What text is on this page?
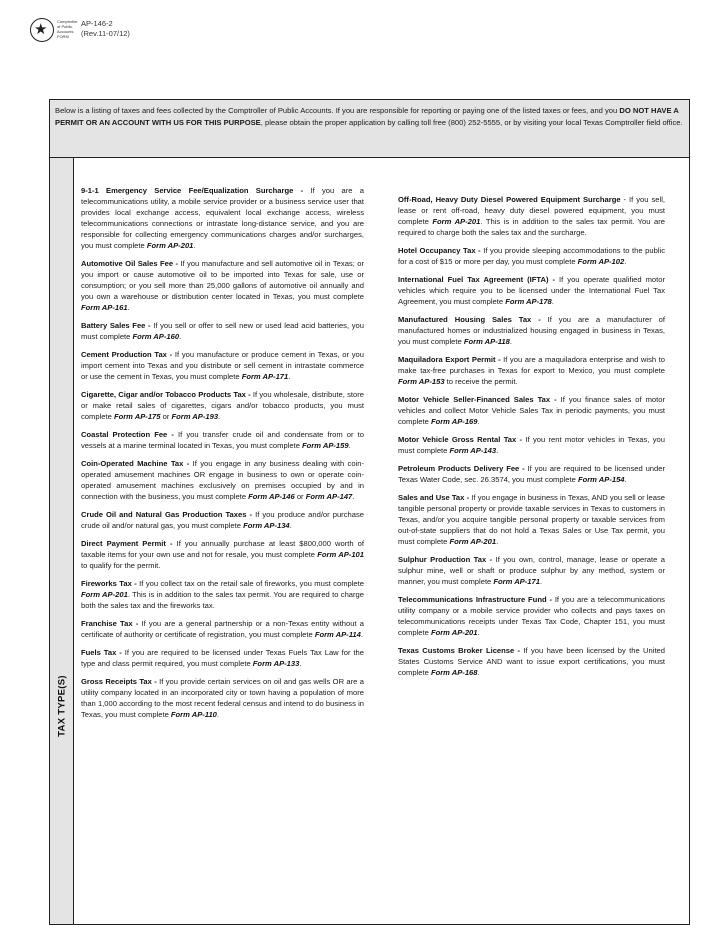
★ Comptroller of Public Accounts FORM
AP-146-2
(Rev.11-07/12)
Below is a listing of taxes and fees collected by the Comptroller of Public Accounts. If you are responsible for reporting or paying one of the listed taxes or fees, and you DO NOT HAVE A PERMIT OR AN ACCOUNT WITH US FOR THIS PURPOSE, please obtain the proper application by calling toll free (800) 252-5555, or by visiting your local Texas Comptroller field office.
TAX TYPE(S)
9-1-1 Emergency Service Fee/Equalization Surcharge - If you are a telecommunications utility, a mobile service provider or a business service user that provides local exchange access, equivalent local exchange access, wireless telecommunications connections or intrastate long-distance service, and you are responsible for collecting emergency communications charges and/or surcharges, you must complete Form AP-201.
Automotive Oil Sales Fee - If you manufacture and sell automotive oil in Texas; or you import or cause automotive oil to be imported into Texas for sale, use or consumption; or you sell more than 25,000 gallons of automotive oil annually and you own a warehouse or distribution center located in Texas, you must complete Form AP-161.
Battery Sales Fee - If you sell or offer to sell new or used lead acid batteries, you must complete Form AP-160.
Cement Production Tax - If you manufacture or produce cement in Texas, or you import cement into Texas and you distribute or sell cement in intrastate commerce or use the cement in Texas, you must complete Form AP-171.
Cigarette, Cigar and/or Tobacco Products Tax - If you wholesale, distribute, store or make retail sales of cigarettes, cigars and/or tobacco products, you must complete Form AP-175 or Form AP-193.
Coastal Protection Fee - If you transfer crude oil and condensate from or to vessels at a marine terminal located in Texas, you must complete Form AP-159.
Coin-Operated Machine Tax - If you engage in any business dealing with coin-operated amusement machines OR engage in business to own or operate coin-operated amusement machines exclusively on premises occupied by and in connection with the business, you must complete Form AP-146 or Form AP-147.
Crude Oil and Natural Gas Production Taxes - If you produce and/or purchase crude oil and/or natural gas, you must complete Form AP-134.
Direct Payment Permit - If you annually purchase at least $800,000 worth of taxable items for your own use and not for resale, you must complete Form AP-101 to qualify for the permit.
Fireworks Tax - If you collect tax on the retail sale of fireworks, you must complete Form AP-201. This is in addition to the sales tax permit. You are required to charge both the sales tax and the fireworks tax.
Franchise Tax - If you are a general partnership or a non-Texas entity without a certificate of authority or certificate of registration, you must complete Form AP-114.
Fuels Tax - If you are required to be licensed under Texas Fuels Tax Law for the type and class permit required, you must complete Form AP-133.
Gross Receipts Tax - If you provide certain services on oil and gas wells OR are a utility company located in an incorporated city or town having a population of more than 1,000 according to the most recent federal census and intend to do business in Texas, you must complete Form AP-110.
Off-Road, Heavy Duty Diesel Powered Equipment Surcharge - If you sell, lease or rent off-road, heavy duty diesel powered equipment, you must complete Form AP-201. This is in addition to the sales tax permit. You are required to charge both the sales tax and the surcharge.
Hotel Occupancy Tax - If you provide sleeping accommodations to the public for a cost of $15 or more per day, you must complete Form AP-102.
International Fuel Tax Agreement (IFTA) - If you operate qualified motor vehicles which require you to be licensed under the International Fuel Tax Agreement, you must complete Form AP-178.
Manufactured Housing Sales Tax - If you are a manufacturer of manufactured homes or industrialized housing engaged in business in Texas, you must complete Form AP-118.
Maquiladora Export Permit - If you are a maquiladora enterprise and wish to make tax-free purchases in Texas for export to Mexico, you must complete Form AP-153 to receive the permit.
Motor Vehicle Seller-Financed Sales Tax - If you finance sales of motor vehicles and collect Motor Vehicle Sales Tax in periodic payments, you must complete Form AP-169.
Motor Vehicle Gross Rental Tax - If you rent motor vehicles in Texas, you must complete Form AP-143.
Petroleum Products Delivery Fee - If you are required to be licensed under Texas Water Code, sec. 26.3574, you must complete Form AP-154.
Sales and Use Tax - If you engage in business in Texas, AND you sell or lease tangible personal property or provide taxable services in Texas to customers in Texas, and/or you acquire tangible personal property or taxable services from out-of-state suppliers that do not hold a Texas Sales or Use Tax permit, you must complete Form AP-201.
Sulphur Production Tax - If you own, control, manage, lease or operate a sulphur mine, well or shaft or produce sulphur by any method, system or manner, you must complete Form AP-171.
Telecommunications Infrastructure Fund - If you are a telecommunications utility company or a mobile service provider who collects and pays taxes on telecommunications receipts under Texas Tax Code, Chapter 151, you must complete Form AP-201.
Texas Customs Broker License - If you have been licensed by the United States Customs Service AND want to issue export certifications, you must complete Form AP-168.
